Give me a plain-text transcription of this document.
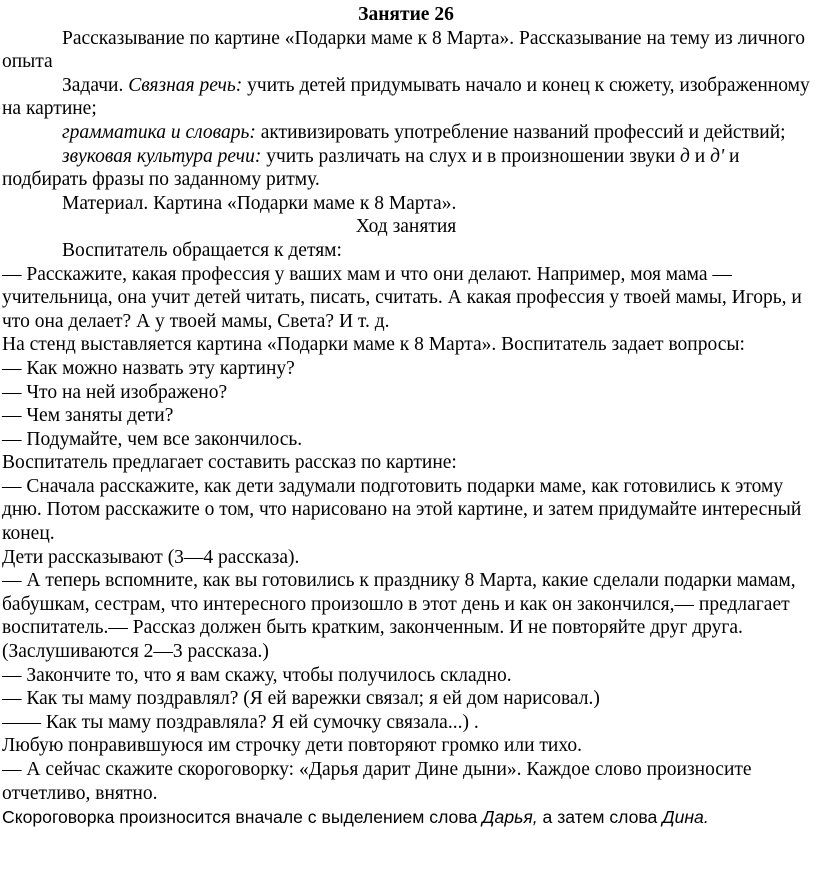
Занятие 26

Рассказывание по картине «Подарки маме к 8 Марта». Рассказывание на тему из личного опыта

Задачи. Связная речь: учить детей придумывать начало и конец к сюжету, изображенному на картине;

грамматика и словарь: активизировать употребление названий профессий и действий;

звуковая культура речи: учить различать на слух и в произношении звуки д и д' и подбирать фразы по заданному ритму.

Материал. Картина «Подарки маме к 8 Марта».

Ход занятия

Воспитатель обращается к детям:

— Расскажите, какая профессия у ваших мам и что они делают. Например, моя мама — учительница, она учит детей читать, писать, считать. А какая профессия у твоей мамы, Игорь, и что она делает? А у твоей мамы, Света? И т. д.

На стенд выставляется картина «Подарки маме к 8 Марта». Воспитатель задает вопросы:

— Как можно назвать эту картину?

— Что на ней изображено?

— Чем заняты дети?

— Подумайте, чем все закончилось.

Воспитатель предлагает составить рассказ по картине:

— Сначала расскажите, как дети задумали подготовить подарки маме, как готовились к этому дню. Потом расскажите о том, что нарисовано на этой картине, и затем придумайте интересный конец.

Дети рассказывают (3—4 рассказа).

— А теперь вспомните, как вы готовились к празднику 8 Марта, какие сделали подарки мамам, бабушкам, сестрам, что интересного произошло в этот день и как он закончился,— предлагает воспитатель.— Рассказ должен быть кратким, законченным. И не повторяйте друг друга. (Заслушиваются 2—3 рассказа.)

— Закончите то, что я вам скажу, чтобы получилось складно.

— Как ты маму поздравлял? (Я ей варежки связал; я ей дом нарисовал.)

—— Как ты маму поздравляла? Я ей сумочку связала...) .

Любую понравившуюся им строчку дети повторяют громко или тихо.

— А сейчас скажите скороговорку: «Дарья дарит Дине дыни». Каждое слово произносите отчетливо, внятно.

Скороговорка произносится вначале с выделением слова Дарья, а затем слова Дина.
